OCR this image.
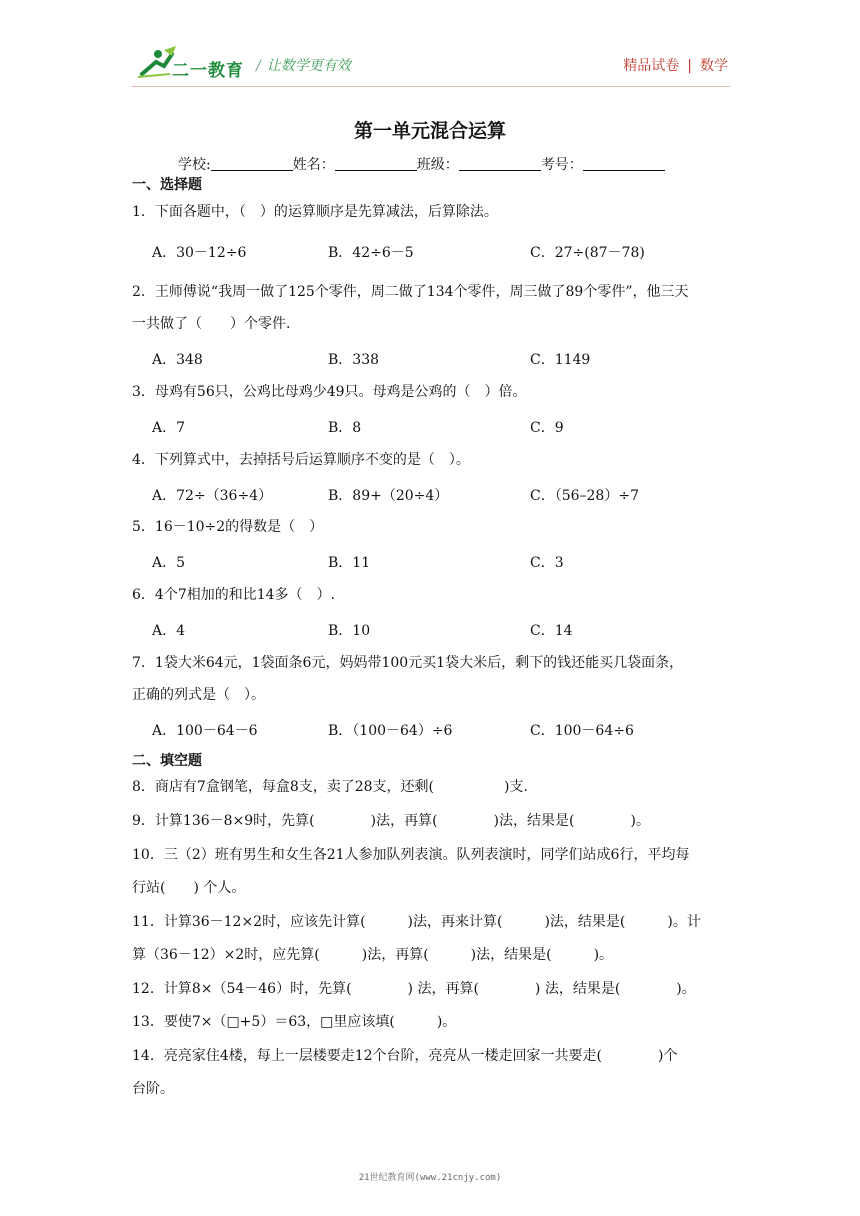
二一教育 / 让数学更有效	精品试卷 | 数学
第一单元混合运算
学校:	姓名：	班级：	考号：
一、选择题
1．下面各题中，（　）的运算顺序是先算减法，后算除法。
A．30－12÷6	B．42÷6－5	C．27÷(87－78)
2．王师傅说“我周一做了125个零件，周二做了134个零件，周三做了89个零件”，他三天
一共做了（　　）个零件.
A．348	B．338	C．1149
3．母鸡有56只，公鸡比母鸡少49只。母鸡是公鸡的（　）倍。
A．7	B．8	C．9
4．下列算式中，去掉括号后运算顺序不变的是（　）。
A．72÷（36÷4）	B．89+（20÷4）	C．（56–28）÷7
5．16－10÷2的得数是（　）
A．5	B．11	C．3
6．4个7相加的和比14多（　）.
A．4	B．10	C．14
7．1袋大米64元，1袋面条6元，妈妈带100元买1袋大米后，剩下的钱还能买几袋面条，
正确的列式是（　）。
A．100－64－6	B．（100－64）÷6	C．100－64÷6
二、填空题
8．商店有7盒钢笔，每盒8支，卖了28支，还剩(　　　　　)支.
9．计算136－8×9时，先算(　　　　)法，再算(　　　　)法，结果是(　　　　)。
10．三（2）班有男生和女生各21人参加队列表演。队列表演时，同学们站成6行，平均每
行站(　　) 个人。
11．计算36－12×2时，应该先计算(　　　)法，再来计算(　　　)法，结果是(　　　)。计
算（36－12）×2时，应先算(　　　)法，再算(　　　)法，结果是(　　　)。
12．计算8×（54－46）时，先算(　　　　) 法，再算(　　　　) 法，结果是(　　　　)。
13．要使7×（□+5）＝63，□里应该填(　　　)。
14．亮亮家住4楼，每上一层楼要走12个台阶，亮亮从一楼走回家一共要走(　　　　)个
台阶。
21世纪教育网(www.21cnjy.com)
